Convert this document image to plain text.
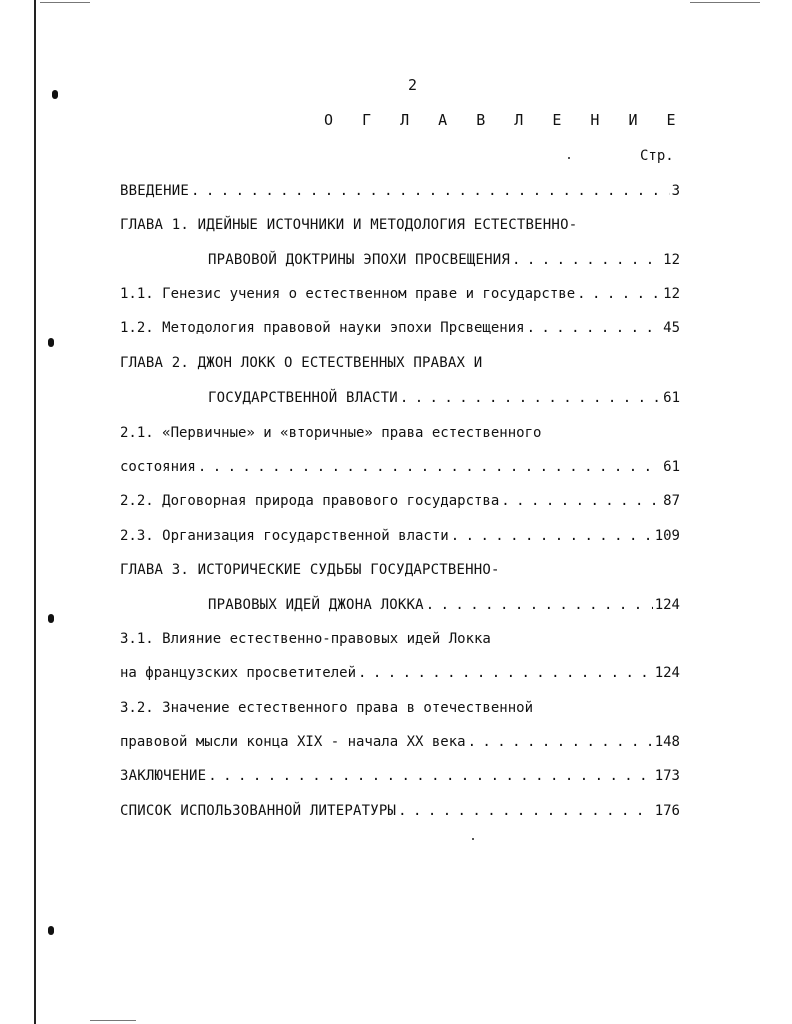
2
О Г Л А В Л Е Н И Е
Стр.
ВВЕДЕНИЕ . . .	3
ГЛАВА 1. ИДЕЙНЫЕ ИСТОЧНИКИ И МЕТОДОЛОГИЯ ЕСТЕСТВЕННО-
ПРАВОВОЙ ДОКТРИНЫ ЭПОХИ ПРОСВЕЩЕНИЯ . . .	12
1.1. Генезис учения о естественном праве и государстве . . .	12
1.2. Методология правовой науки эпохи Прсвещения . . .	45
ГЛАВА 2. ДЖОН ЛОКК О ЕСТЕСТВЕННЫХ ПРАВАХ И
ГОСУДАРСТВЕННОЙ ВЛАСТИ . . .	61
2.1. «Первичные» и «вторичные» права естественного
состояния . . .	61
2.2. Договорная природа правового государства . . .	87
2.3. Организация государственной власти . . .	109
ГЛАВА 3. ИСТОРИЧЕСКИЕ СУДЬБЫ ГОСУДАРСТВЕННО-
ПРАВОВЫХ ИДЕЙ ДЖОНА ЛОККА . . .	124
3.1. Влияние естественно-правовых идей Локка
на французских просветителей . . .	124
3.2. Значение естественного права в отечественной
правовой мысли конца XIX - начала XX века . . .	148
ЗАКЛЮЧЕНИЕ . . .	173
СПИСОК ИСПОЛЬЗОВАННОЙ ЛИТЕРАТУРЫ . . .	176
